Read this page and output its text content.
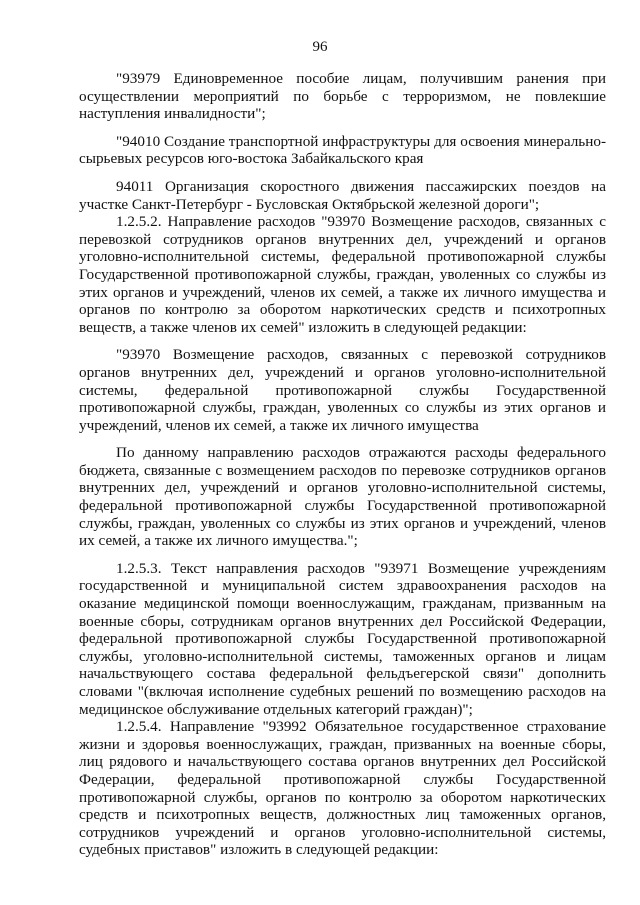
96

"93979 Единовременное пособие лицам, получившим ранения при осуществлении мероприятий по борьбе с терроризмом, не повлекшие наступления инвалидности";

"94010 Создание транспортной инфраструктуры для освоения минерально-сырьевых ресурсов юго-востока Забайкальского края

94011 Организация скоростного движения пассажирских поездов на участке Санкт-Петербург - Бусловская Октябрьской железной дороги";

1.2.5.2. Направление расходов "93970 Возмещение расходов, связанных с перевозкой сотрудников органов внутренних дел, учреждений и органов уголовно-исполнительной системы, федеральной противопожарной службы Государственной противопожарной службы, граждан, уволенных со службы из этих органов и учреждений, членов их семей, а также их личного имущества и органов по контролю за оборотом наркотических средств и психотропных веществ, а также членов их семей" изложить в следующей редакции:

"93970 Возмещение расходов, связанных с перевозкой сотрудников органов внутренних дел, учреждений и органов уголовно-исполнительной системы, федеральной противопожарной службы Государственной противопожарной службы, граждан, уволенных со службы из этих органов и учреждений, членов их семей, а также их личного имущества

По данному направлению расходов отражаются расходы федерального бюджета, связанные с возмещением расходов по перевозке сотрудников органов внутренних дел, учреждений и органов уголовно-исполнительной системы, федеральной противопожарной службы Государственной противопожарной службы, граждан, уволенных со службы из этих органов и учреждений, членов их семей, а также их личного имущества.";

1.2.5.3. Текст направления расходов "93971 Возмещение учреждениям государственной и муниципальной систем здравоохранения расходов на оказание медицинской помощи военнослужащим, гражданам, призванным на военные сборы, сотрудникам органов внутренних дел Российской Федерации, федеральной противопожарной службы Государственной противопожарной службы, уголовно-исполнительной системы, таможенных органов и лицам начальствующего состава федеральной фельдъегерской связи" дополнить словами "(включая исполнение судебных решений по возмещению расходов на медицинское обслуживание отдельных категорий граждан)";

1.2.5.4. Направление "93992 Обязательное государственное страхование жизни и здоровья военнослужащих, граждан, призванных на военные сборы, лиц рядового и начальствующего состава органов внутренних дел Российской Федерации, федеральной противопожарной службы Государственной противопожарной службы, органов по контролю за оборотом наркотических средств и психотропных веществ, должностных лиц таможенных органов, сотрудников учреждений и органов уголовно-исполнительной системы, судебных приставов" изложить в следующей редакции:
